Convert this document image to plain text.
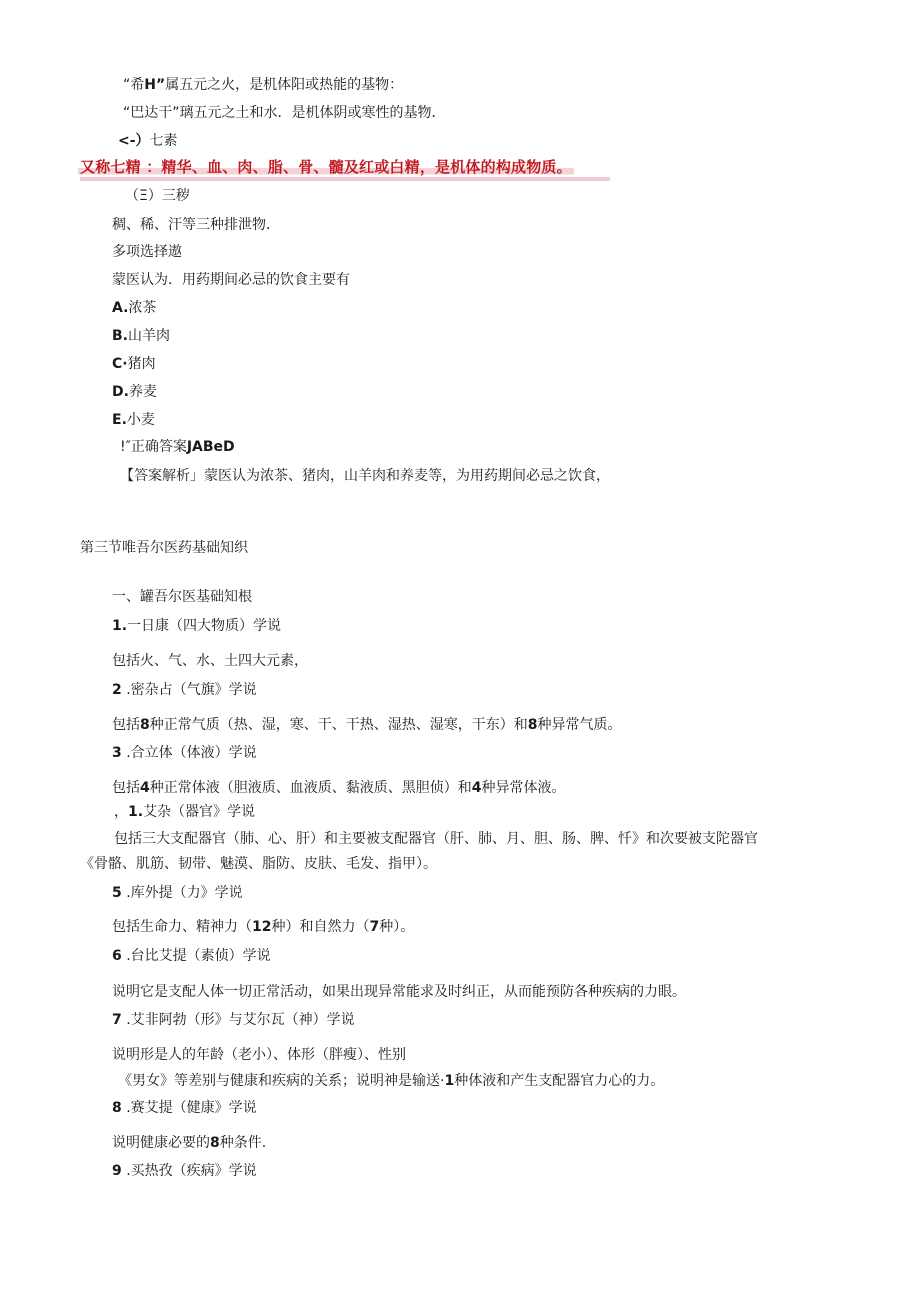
“希H”属五元之火，是机体阳或热能的基物：
“巴达干”璃五元之土和水．是机体阴或寒性的基物．
<-）七素
又称七精 ：精华、血、肉、脂、骨、髓及红或白精，是机体的构成物质。
（Ξ）三秽
稠、稀、汗等三种排泄物．
多项选择遨
蒙医认为．用药期间必忌的饮食主要有
A.浓茶
B.山羊肉
C·猪肉
D.养麦
E.小麦
!″正确答案JABeD
【答案解析」蒙医认为浓茶、猪肉，山羊肉和养麦等，为用药期间必忌之饮食，
第三节唯吾尔医药基础知织
一、罐吾尔医基础知根
1.一日康（四大物质）学说
包括火、气、水、土四大元素，
2 .密杂占（气旗》学说
包括8种正常气质（热、湿，寒、干、干热、湿热、湿寒，干东）和8种异常气质。
3 .合立体（体液）学说
包括4种正常体液（胆液质、血液质、黏液质、黑胆侦）和4种异常体液。
，1.艾杂（器官》学说
包括三大支配器官（肺、心、肝）和主要被支配器官（肝、肺、月、胆、肠、脾、忏》和次要被支陀器官
《骨骼、肌筋、韧带、魅漠、脂防、皮肤、毛发、指甲）。
5 .库外提（力》学说
包括生命力、精神力（12种）和自然力（7种）。
6 .台比艾提（素侦）学说
说明它是支配人体一切正常活动，如果出现异常能求及时纠正，从而能预防各种疾病的力眼。
7 .艾非阿勃（形》与艾尔瓦（神）学说
说明形是人的年龄（老小）、体形（胖瘦）、性别
《男女》等差别与健康和疾病的关系；说明神是输送·1种体液和产生支配器官力心的力。
8 .赛艾提（健康》学说
说明健康必要的8种条件.
9 .买热孜（疾病》学说
